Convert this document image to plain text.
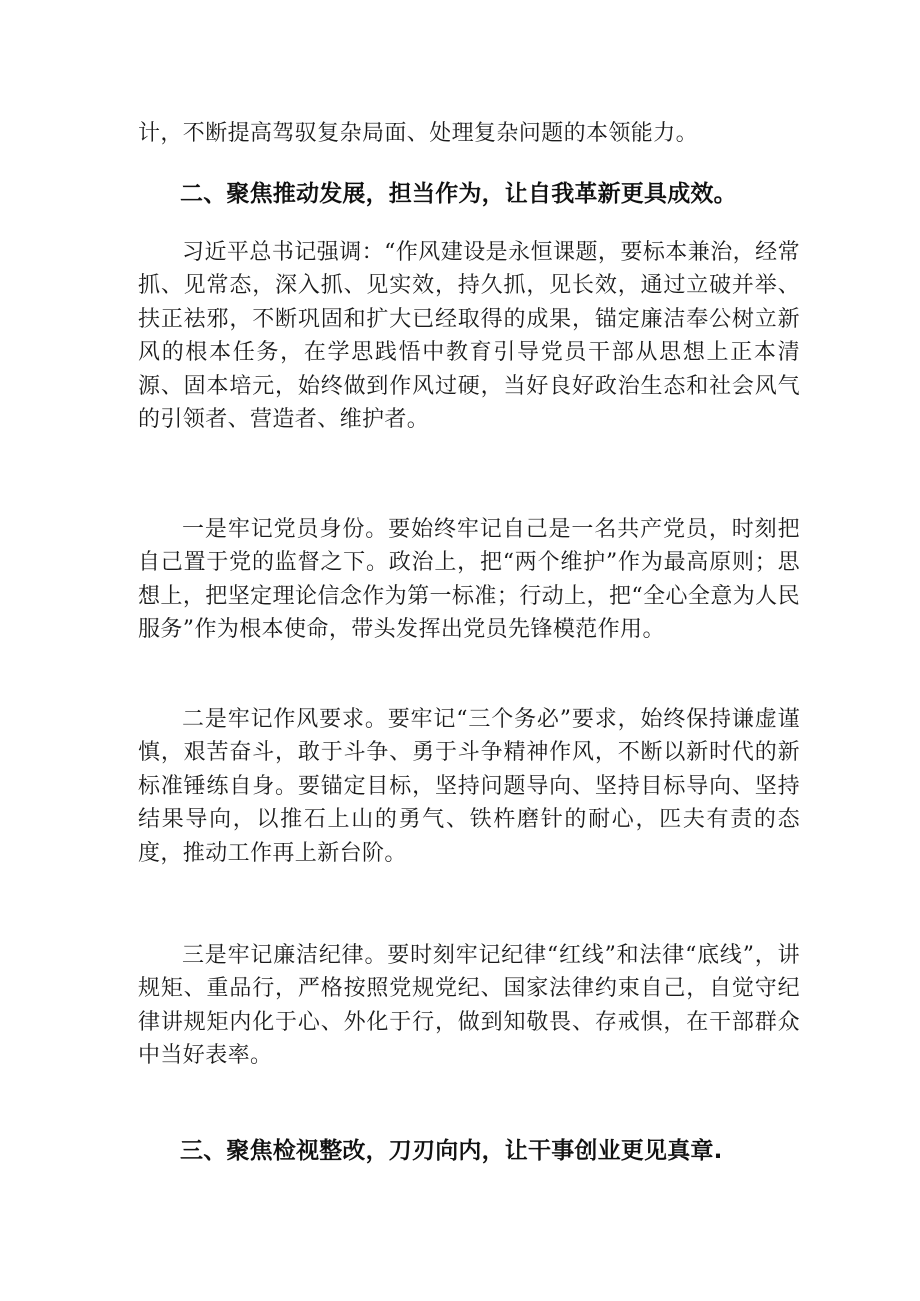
计，不断提高驾驭复杂局面、处理复杂问题的本领能力。

二、聚焦推动发展，担当作为，让自我革新更具成效。

习近平总书记强调：“作风建设是永恒课题，要标本兼治，经常抓、见常态，深入抓、见实效，持久抓，见长效，通过立破并举、扶正祛邪，不断巩固和扩大已经取得的成果，锚定廉洁奉公树立新风的根本任务，在学思践悟中教育引导党员干部从思想上正本清源、固本培元，始终做到作风过硬，当好良好政治生态和社会风气的引领者、营造者、维护者。

一是牢记党员身份。要始终牢记自己是一名共产党员，时刻把自己置于党的监督之下。政治上，把“两个维护”作为最高原则；思想上，把坚定理论信念作为第一标准；行动上，把“全心全意为人民服务”作为根本使命，带头发挥出党员先锋模范作用。

二是牢记作风要求。要牢记“三个务必”要求，始终保持谦虚谨慎，艰苦奋斗，敢于斗争、勇于斗争精神作风，不断以新时代的新标准锤练自身。要锚定目标，坚持问题导向、坚持目标导向、坚持结果导向，以推石上山的勇气、铁杵磨针的耐心，匹夫有责的态度，推动工作再上新台阶。

三是牢记廉洁纪律。要时刻牢记纪律“红线”和法律“底线”，讲规矩、重品行，严格按照党规党纪、国家法律约束自己，自觉守纪律讲规矩内化于心、外化于行，做到知敬畏、存戒惧，在干部群众中当好表率。

三、聚焦检视整改，刀刃向内，让干事创业更见真章.
